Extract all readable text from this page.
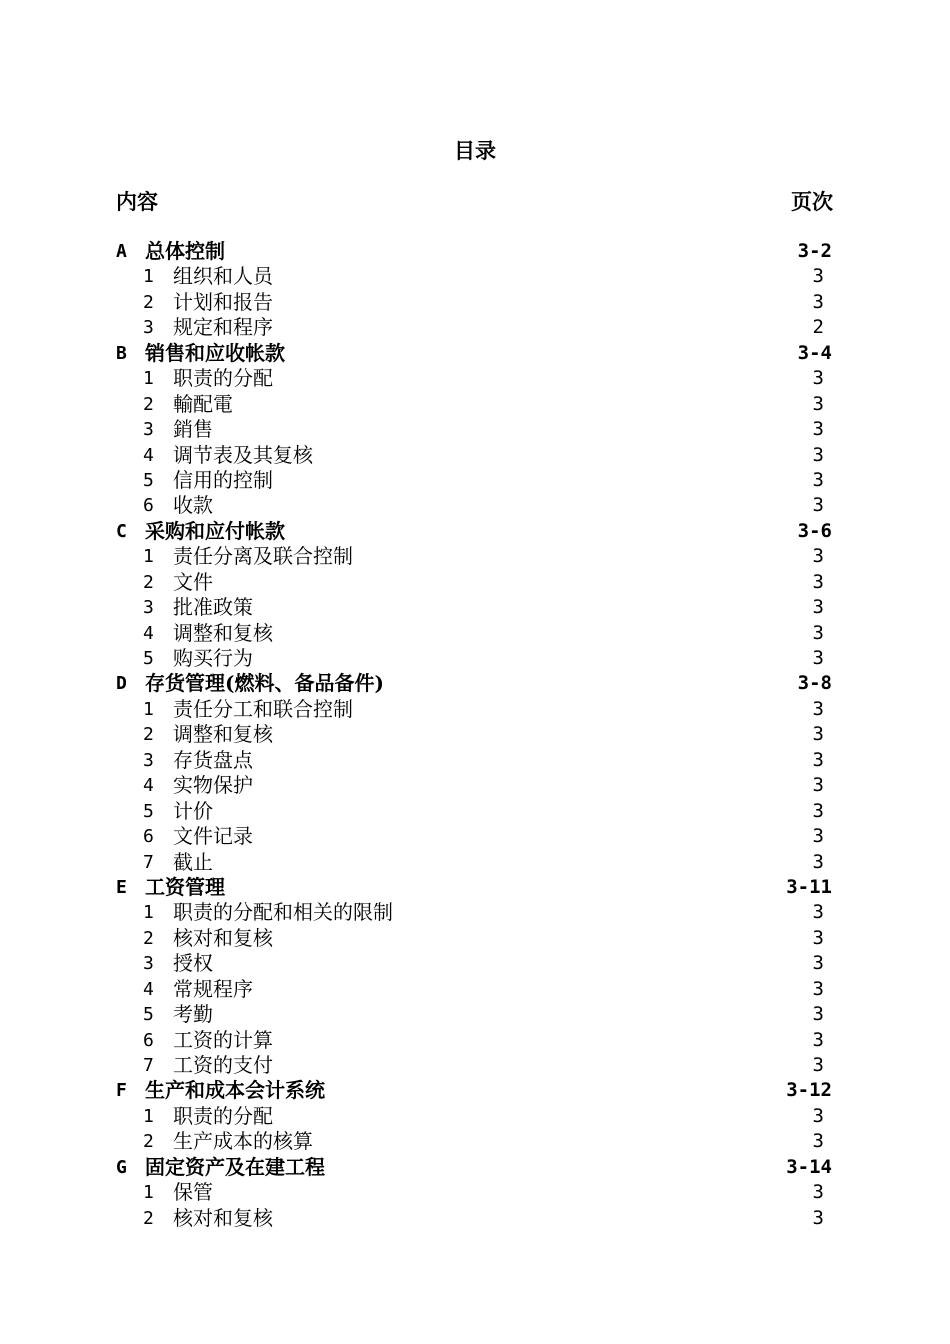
目录
内容	页次
A 总体控制	3-2
1 组织和人员	3
2 计划和报告	3
3 规定和程序	2
B 销售和应收帐款	3-4
1 职责的分配	3
2 輸配電	3
3 銷售	3
4 调节表及其复核	3
5 信用的控制	3
6 收款	3
C 采购和应付帐款	3-6
1 责任分离及联合控制	3
2 文件	3
3 批准政策	3
4 调整和复核	3
5 购买行为	3
D 存货管理(燃料、备品备件)	3-8
1 责任分工和联合控制	3
2 调整和复核	3
3 存货盘点	3
4 实物保护	3
5 计价	3
6 文件记录	3
7 截止	3
E 工资管理	3-11
1 职责的分配和相关的限制	3
2 核对和复核	3
3 授权	3
4 常规程序	3
5 考勤	3
6 工资的计算	3
7 工资的支付	3
F 生产和成本会计系统	3-12
1 职责的分配	3
2 生产成本的核算	3
G 固定资产及在建工程	3-14
1 保管	3
2 核对和复核	3
